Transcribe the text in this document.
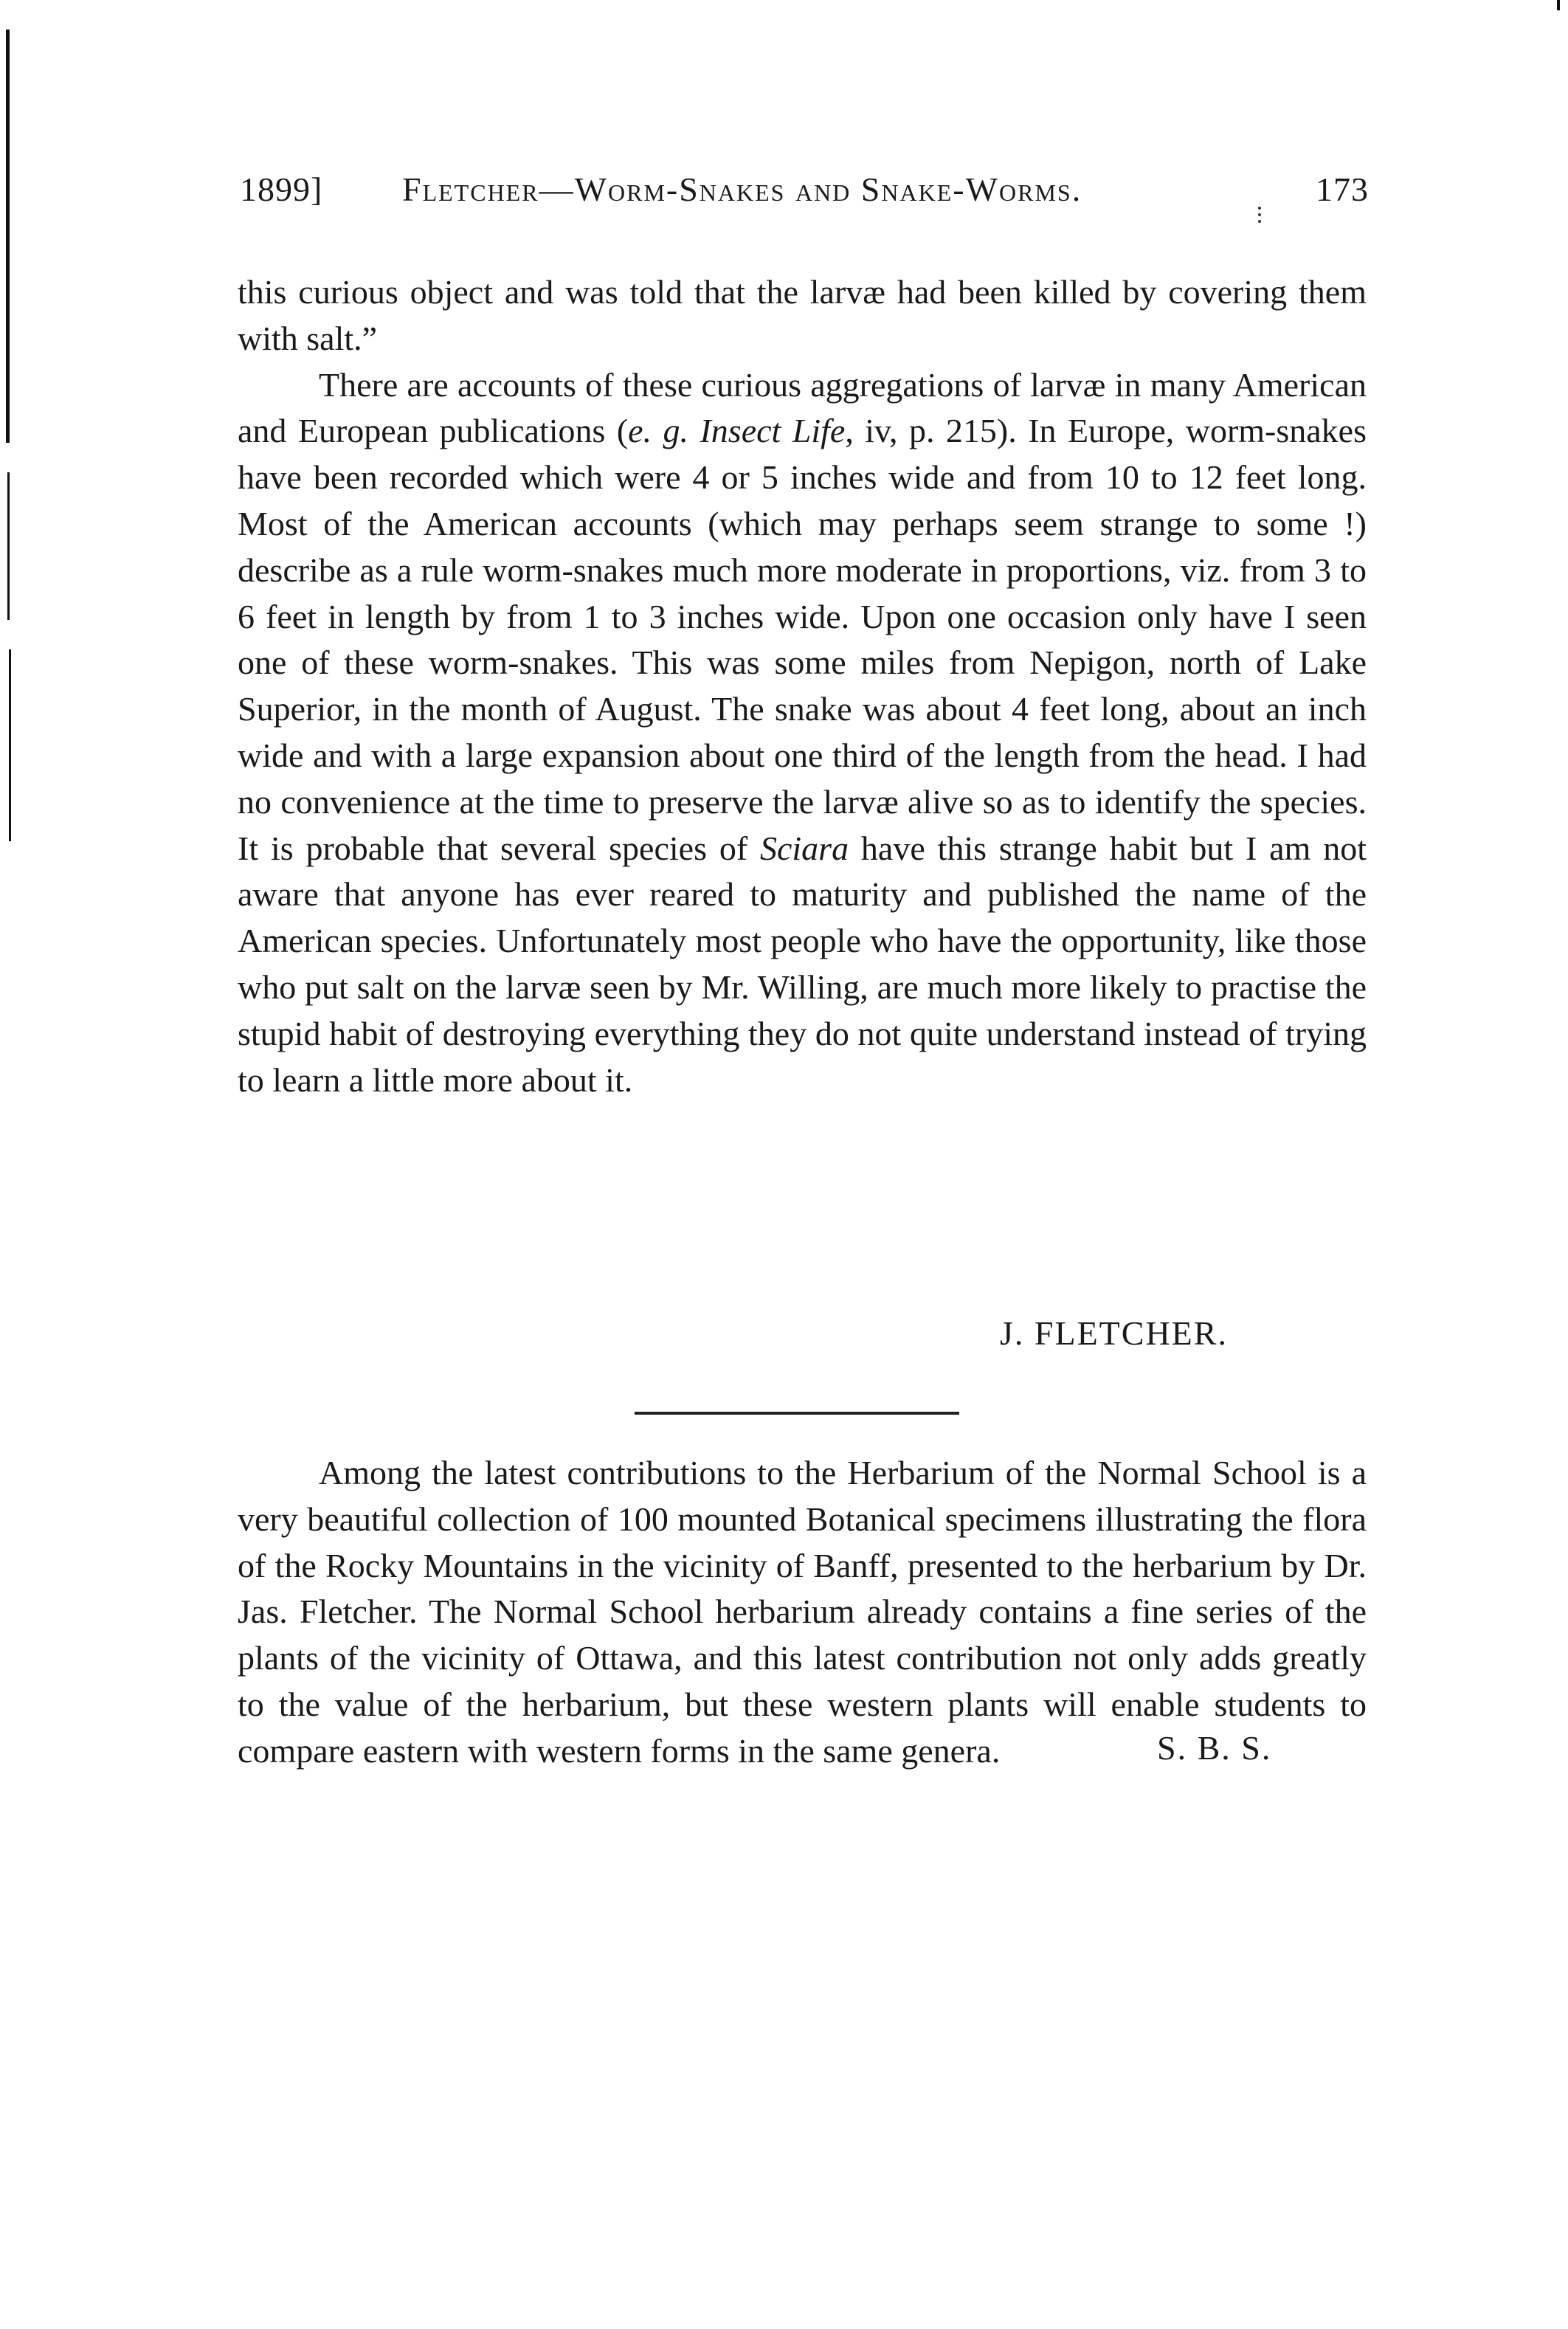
1899] Fletcher—Worm-Snakes and Snake-Worms.	173

this curious object and was told that the larvæ had been killed by covering them with salt.”

There are accounts of these curious aggregations of larvæ in many American and European publications (e. g. Insect Life, iv, p. 215). In Europe, worm-snakes have been recorded which were 4 or 5 inches wide and from 10 to 12 feet long. Most of the American accounts (which may perhaps seem strange to some !) describe as a rule worm-snakes much more moderate in proportions, viz. from 3 to 6 feet in length by from 1 to 3 inches wide. Upon one occasion only have I seen one of these worm-snakes. This was some miles from Nepigon, north of Lake Superior, in the month of August. The snake was about 4 feet long, about an inch wide and with a large expansion about one third of the length from the head. I had no convenience at the time to preserve the larvæ alive so as to identify the species. It is probable that several species of Sciara have this strange habit but I am not aware that anyone has ever reared to maturity and published the name of the American species. Unfortunately most people who have the opportunity, like those who put salt on the larvæ seen by Mr. Willing, are much more likely to practise the stupid habit of destroying everything they do not quite understand instead of trying to learn a little more about it.

J. FLETCHER.

Among the latest contributions to the Herbarium of the Normal School is a very beautiful collection of 100 mounted Botanical specimens illustrating the flora of the Rocky Mountains in the vicinity of Banff, presented to the herbarium by Dr. Jas. Fletcher. The Normal School herbarium already contains a fine series of the plants of the vicinity of Ottawa, and this latest contribution not only adds greatly to the value of the herbarium, but these western plants will enable students to compare eastern with western forms in the same genera.	S. B. S.
